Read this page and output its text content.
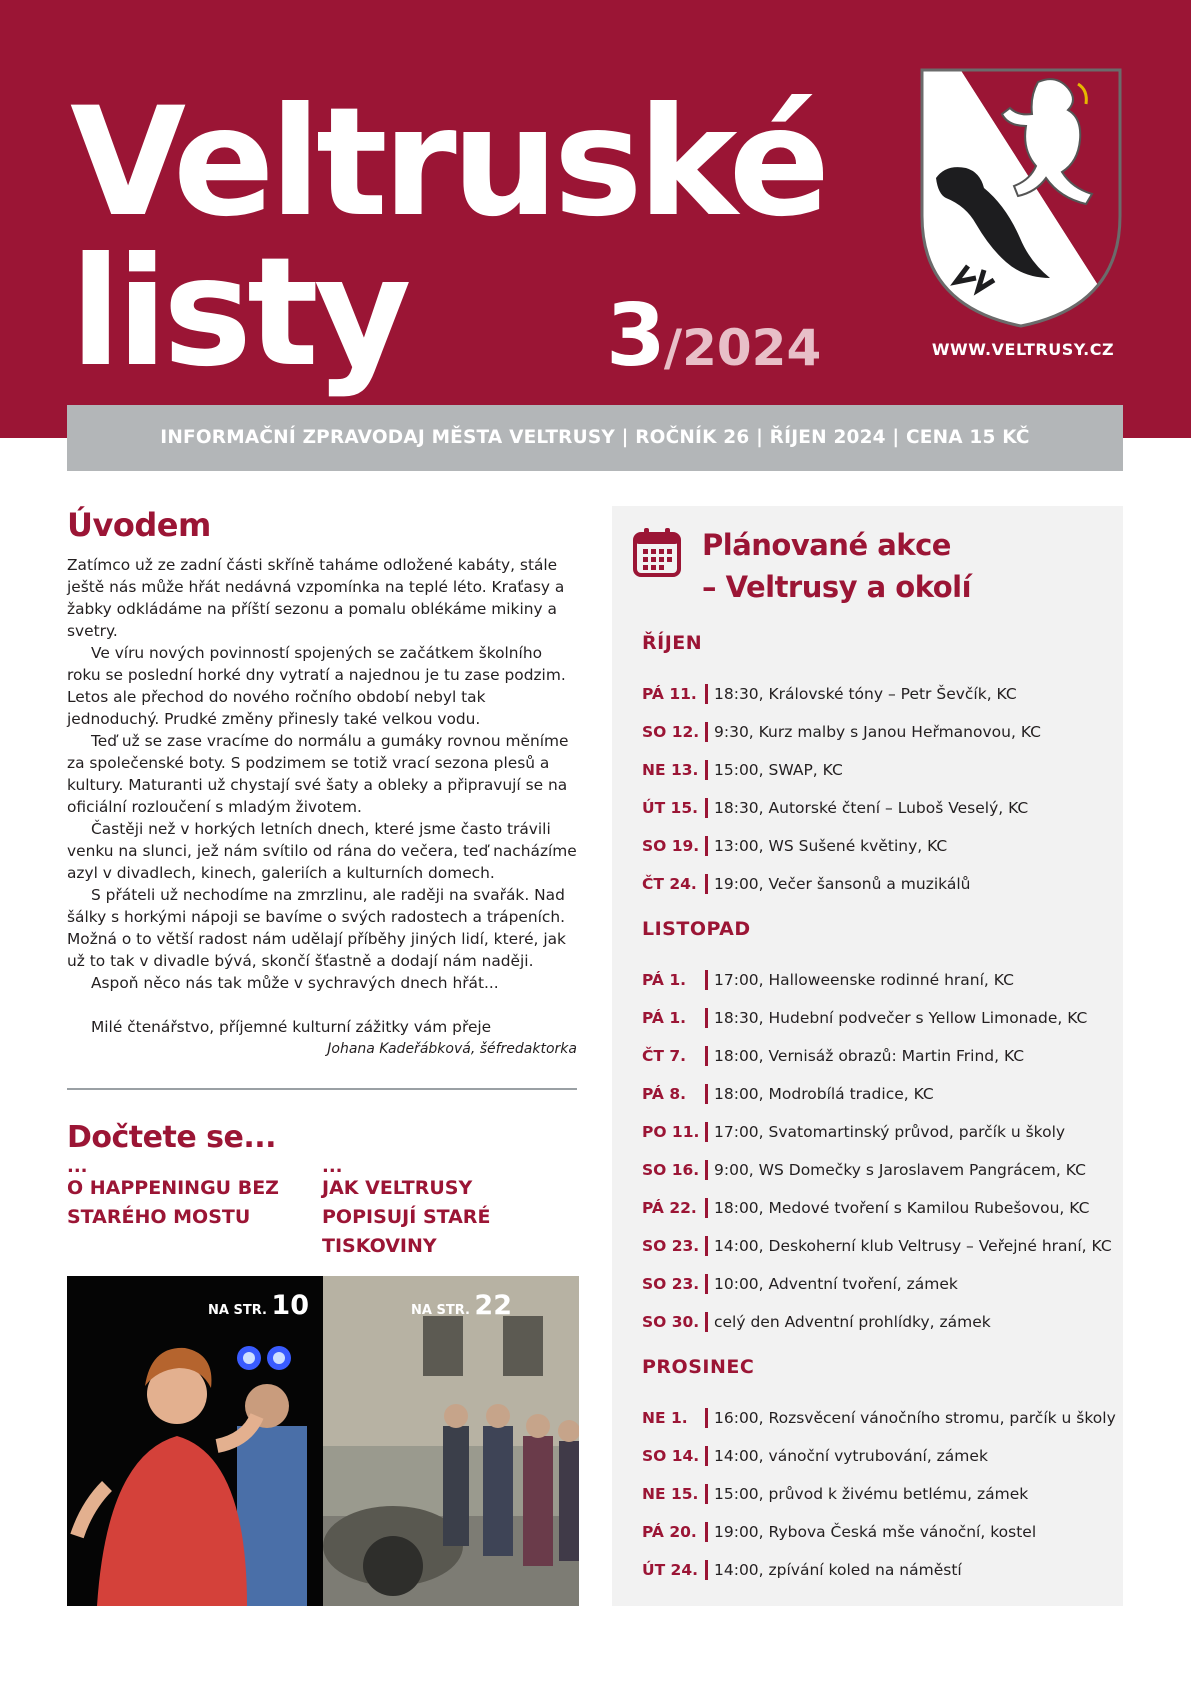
Veltruské
listy 3/2024	WWW.VELTRUSY.CZ
INFORMAČNÍ ZPRAVODAJ MĚSTA VELTRUSY | ROČNÍK 26 | ŘÍJEN 2024 | CENA 15 KČ
Úvodem

Zatímco už ze zadní části skříně taháme odložené kabáty, stále ještě nás může hřát nedávná vzpomínka na teplé léto. Kraťasy a žabky odkládáme na příští sezonu a pomalu oblékáme mikiny a svetry.

Ve víru nových povinností spojených se začátkem školního roku se poslední horké dny vytratí a najednou je tu zase podzim. Letos ale přechod do nového ročního období nebyl tak jednoduchý. Prudké změny přinesly také velkou vodu.

Teď už se zase vracíme do normálu a gumáky rovnou měníme za společenské boty. S podzimem se totiž vrací sezona plesů a kultury. Maturanti už chystají své šaty a obleky a připravují se na oficiální rozloučení s mladým životem.

Častěji než v horkých letních dnech, které jsme často trávili venku na slunci, jež nám svítilo od rána do večera, teď nacházíme azyl v divadlech, kinech, galeriích a kulturních domech.

S přáteli už nechodíme na zmrzlinu, ale raději na svařák. Nad šálky s horkými nápoji se bavíme o svých radostech a trápeních. Možná o to větší radost nám udělají příběhy jiných lidí, které, jak už to tak v divadle bývá, skončí šťastně a dodají nám naději.

Aspoň něco nás tak může v sychravých dnech hřát...

Milé čtenářstvo, příjemné kulturní zážitky vám přeje
Johana Kadeřábková, šéfredaktorka
Dočtete se...
...
O HAPPENINGU BEZ STARÉHO MOSTU
...
JAK VELTRUSY POPISUJÍ STARÉ TISKOVINY
NA STR. 10	NA STR. 22
Plánované akce
– Veltrusy a okolí
ŘÍJEN
PÁ 11. 18:30, Královské tóny – Petr Ševčík, KC
SO 12. 9:30, Kurz malby s Janou Heřmanovou, KC
NE 13. 15:00, SWAP, KC
ÚT 15. 18:30, Autorské čtení – Luboš Veselý, KC
SO 19. 13:00, WS Sušené květiny, KC
ČT 24. 19:00, Večer šansonů a muzikálů
LISTOPAD
PÁ 1. 17:00, Halloweenske rodinné hraní, KC
PÁ 1. 18:30, Hudební podvečer s Yellow Limonade, KC
ČT 7. 18:00, Vernisáž obrazů: Martin Frind, KC
PÁ 8. 18:00, Modrobílá tradice, KC
PO 11. 17:00, Svatomartinský průvod, parčík u školy
SO 16. 9:00, WS Domečky s Jaroslavem Pangrácem, KC
PÁ 22. 18:00, Medové tvoření s Kamilou Rubešovou, KC
SO 23. 14:00, Deskoherní klub Veltrusy – Veřejné hraní, KC
SO 23. 10:00, Adventní tvoření, zámek
SO 30. celý den Adventní prohlídky, zámek
PROSINEC
NE 1. 16:00, Rozsvěcení vánočního stromu, parčík u školy
SO 14. 14:00, vánoční vytrubování, zámek
NE 15. 15:00, průvod k živému betlému, zámek
PÁ 20. 19:00, Rybova Česká mše vánoční, kostel
ÚT 24. 14:00, zpívání koled na náměstí
